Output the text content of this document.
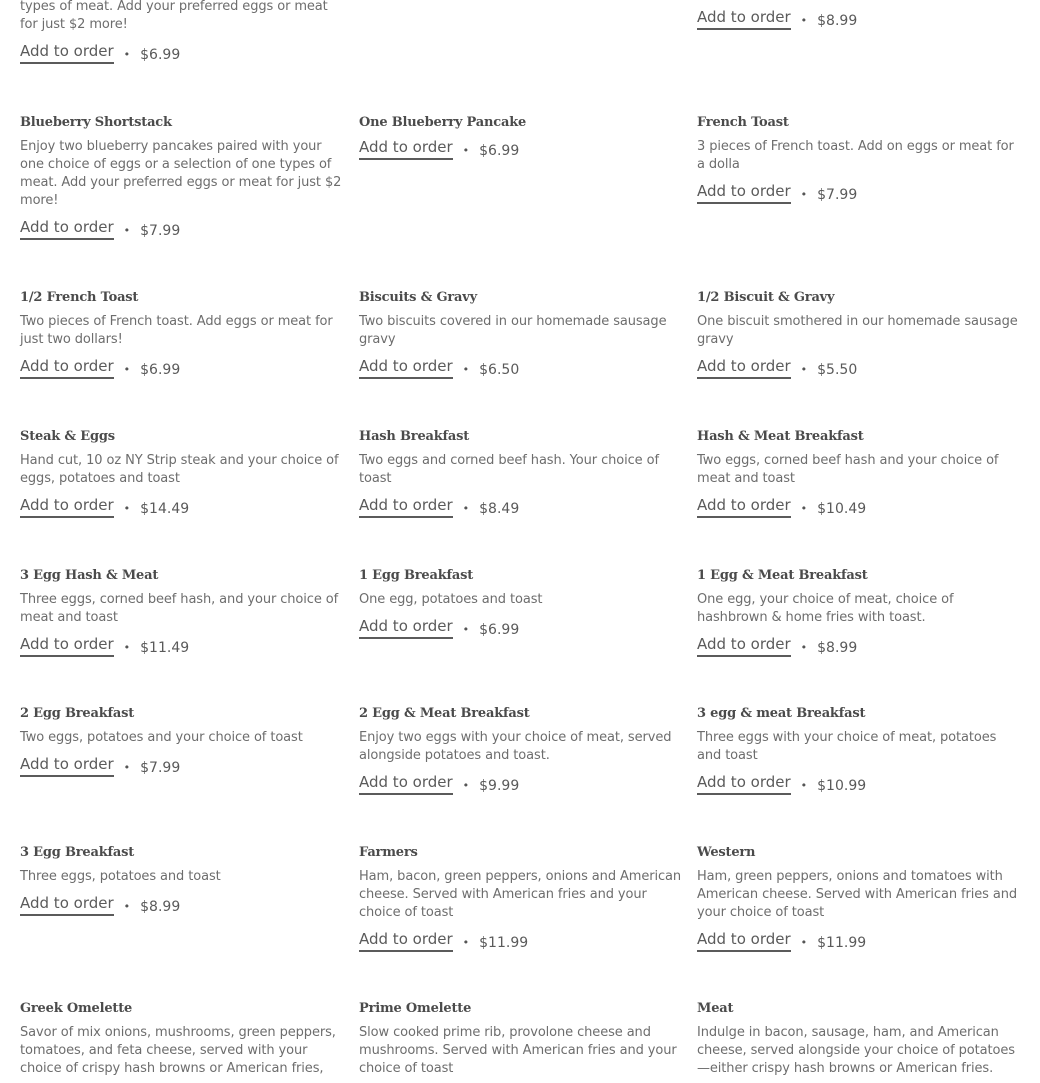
types of meat. Add your preferred eggs or meat for just $2 more!
Add to order • $6.99
Add to order • $8.99
Blueberry Shortstack
Enjoy two blueberry pancakes paired with your one choice of eggs or a selection of one types of meat. Add your preferred eggs or meat for just $2 more!
Add to order • $7.99
One Blueberry Pancake
Add to order • $6.99
French Toast
3 pieces of French toast. Add on eggs or meat for a dolla
Add to order • $7.99
1/2 French Toast
Two pieces of French toast. Add eggs or meat for just two dollars!
Add to order • $6.99
Biscuits & Gravy
Two biscuits covered in our homemade sausage gravy
Add to order • $6.50
1/2 Biscuit & Gravy
One biscuit smothered in our homemade sausage gravy
Add to order • $5.50
Steak & Eggs
Hand cut, 10 oz NY Strip steak and your choice of eggs, potatoes and toast
Add to order • $14.49
Hash Breakfast
Two eggs and corned beef hash. Your choice of toast
Add to order • $8.49
Hash & Meat Breakfast
Two eggs, corned beef hash and your choice of meat and toast
Add to order • $10.49
3 Egg Hash & Meat
Three eggs, corned beef hash, and your choice of meat and toast
Add to order • $11.49
1 Egg Breakfast
One egg, potatoes and toast
Add to order • $6.99
1 Egg & Meat Breakfast
One egg, your choice of meat, choice of hashbrown & home fries with toast.
Add to order • $8.99
2 Egg Breakfast
Two eggs, potatoes and your choice of toast
Add to order • $7.99
2 Egg & Meat Breakfast
Enjoy two eggs with your choice of meat, served alongside potatoes and toast.
Add to order • $9.99
3 egg & meat Breakfast
Three eggs with your choice of meat, potatoes and toast
Add to order • $10.99
3 Egg Breakfast
Three eggs, potatoes and toast
Add to order • $8.99
Farmers
Ham, bacon, green peppers, onions and American cheese. Served with American fries and your choice of toast
Add to order • $11.99
Western
Ham, green peppers, onions and tomatoes with American cheese. Served with American fries and your choice of toast
Add to order • $11.99
Greek Omelette
Savor of mix onions, mushrooms, green peppers, tomatoes, and feta cheese, served with your choice of crispy hash browns or American fries,
Prime Omelette
Slow cooked prime rib, provolone cheese and mushrooms. Served with American fries and your choice of toast
Meat
Indulge in bacon, sausage, ham, and American cheese, served alongside your choice of potatoes—either crispy hash browns or American fries.
